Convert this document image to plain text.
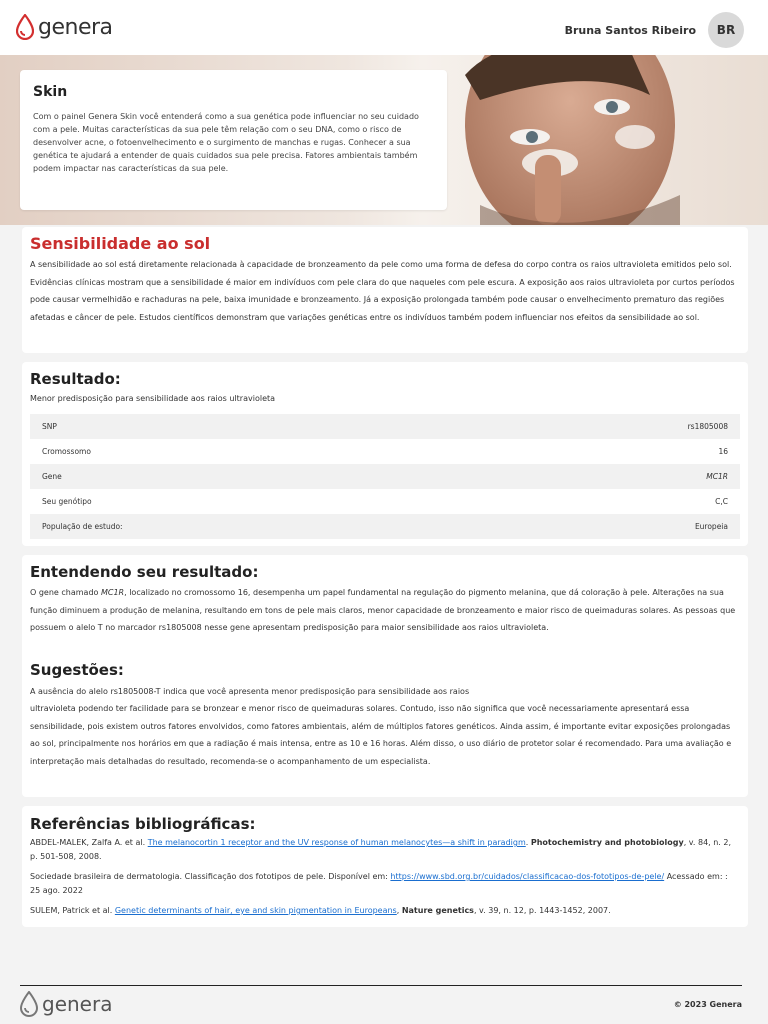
genera	Bruna Santos Ribeiro	BR
Skin
Com o painel Genera Skin você entenderá como a sua genética pode influenciar no seu cuidado com a pele. Muitas características da sua pele têm relação com o seu DNA, como o risco de desenvolver acne, o fotoenvelhecimento e o surgimento de manchas e rugas. Conhecer a sua genética te ajudará a entender de quais cuidados sua pele precisa. Fatores ambientais também podem impactar nas características da sua pele.
Sensibilidade ao sol
A sensibilidade ao sol está diretamente relacionada à capacidade de bronzeamento da pele como uma forma de defesa do corpo contra os raios ultravioleta emitidos pelo sol. Evidências clínicas mostram que a sensibilidade é maior em indivíduos com pele clara do que naqueles com pele escura. A exposição aos raios ultravioleta por curtos períodos pode causar vermelhidão e rachaduras na pele, baixa imunidade e bronzeamento. Já a exposição prolongada também pode causar o envelhecimento prematuro das regiões afetadas e câncer de pele. Estudos científicos demonstram que variações genéticas entre os indivíduos também podem influenciar nos efeitos da sensibilidade ao sol.
Resultado:
Menor predisposição para sensibilidade aos raios ultravioleta
SNP	rs1805008
Cromossomo	16
Gene	MC1R
Seu genótipo	C,C
População de estudo:	Europeia
Entendendo seu resultado:
O gene chamado MC1R, localizado no cromossomo 16, desempenha um papel fundamental na regulação do pigmento melanina, que dá coloração à pele. Alterações na sua função diminuem a produção de melanina, resultando em tons de pele mais claros, menor capacidade de bronzeamento e maior risco de queimaduras solares. As pessoas que possuem o alelo T no marcador rs1805008 nesse gene apresentam predisposição para maior sensibilidade aos raios ultravioleta.
Sugestões:
A ausência do alelo rs1805008-T indica que você apresenta menor predisposição para sensibilidade aos raios
ultravioleta podendo ter facilidade para se bronzear e menor risco de queimaduras solares. Contudo, isso não significa que você necessariamente apresentará essa sensibilidade, pois existem outros fatores envolvidos, como fatores ambientais, além de múltiplos fatores genéticos. Ainda assim, é importante evitar exposições prolongadas ao sol, principalmente nos horários em que a radiação é mais intensa, entre as 10 e 16 horas. Além disso, o uso diário de protetor solar é recomendado. Para uma avaliação e interpretação mais detalhadas do resultado, recomenda-se o acompanhamento de um especialista.
Referências bibliográficas:
ABDEL-MALEK, Zalfa A. et al. The melanocortin 1 receptor and the UV response of human melanocytes—a shift in paradigm. Photochemistry and photobiology, v. 84, n. 2, p. 501-508, 2008.
Sociedade brasileira de dermatologia. Classificação dos fototipos de pele. Disponível em: https://www.sbd.org.br/cuidados/classificacao-dos-fototipos-de-pele/ Acessado em: : 25 ago. 2022
SULEM, Patrick et al. Genetic determinants of hair, eye and skin pigmentation in Europeans, Nature genetics, v. 39, n. 12, p. 1443-1452, 2007.
genera	© 2023 Genera
